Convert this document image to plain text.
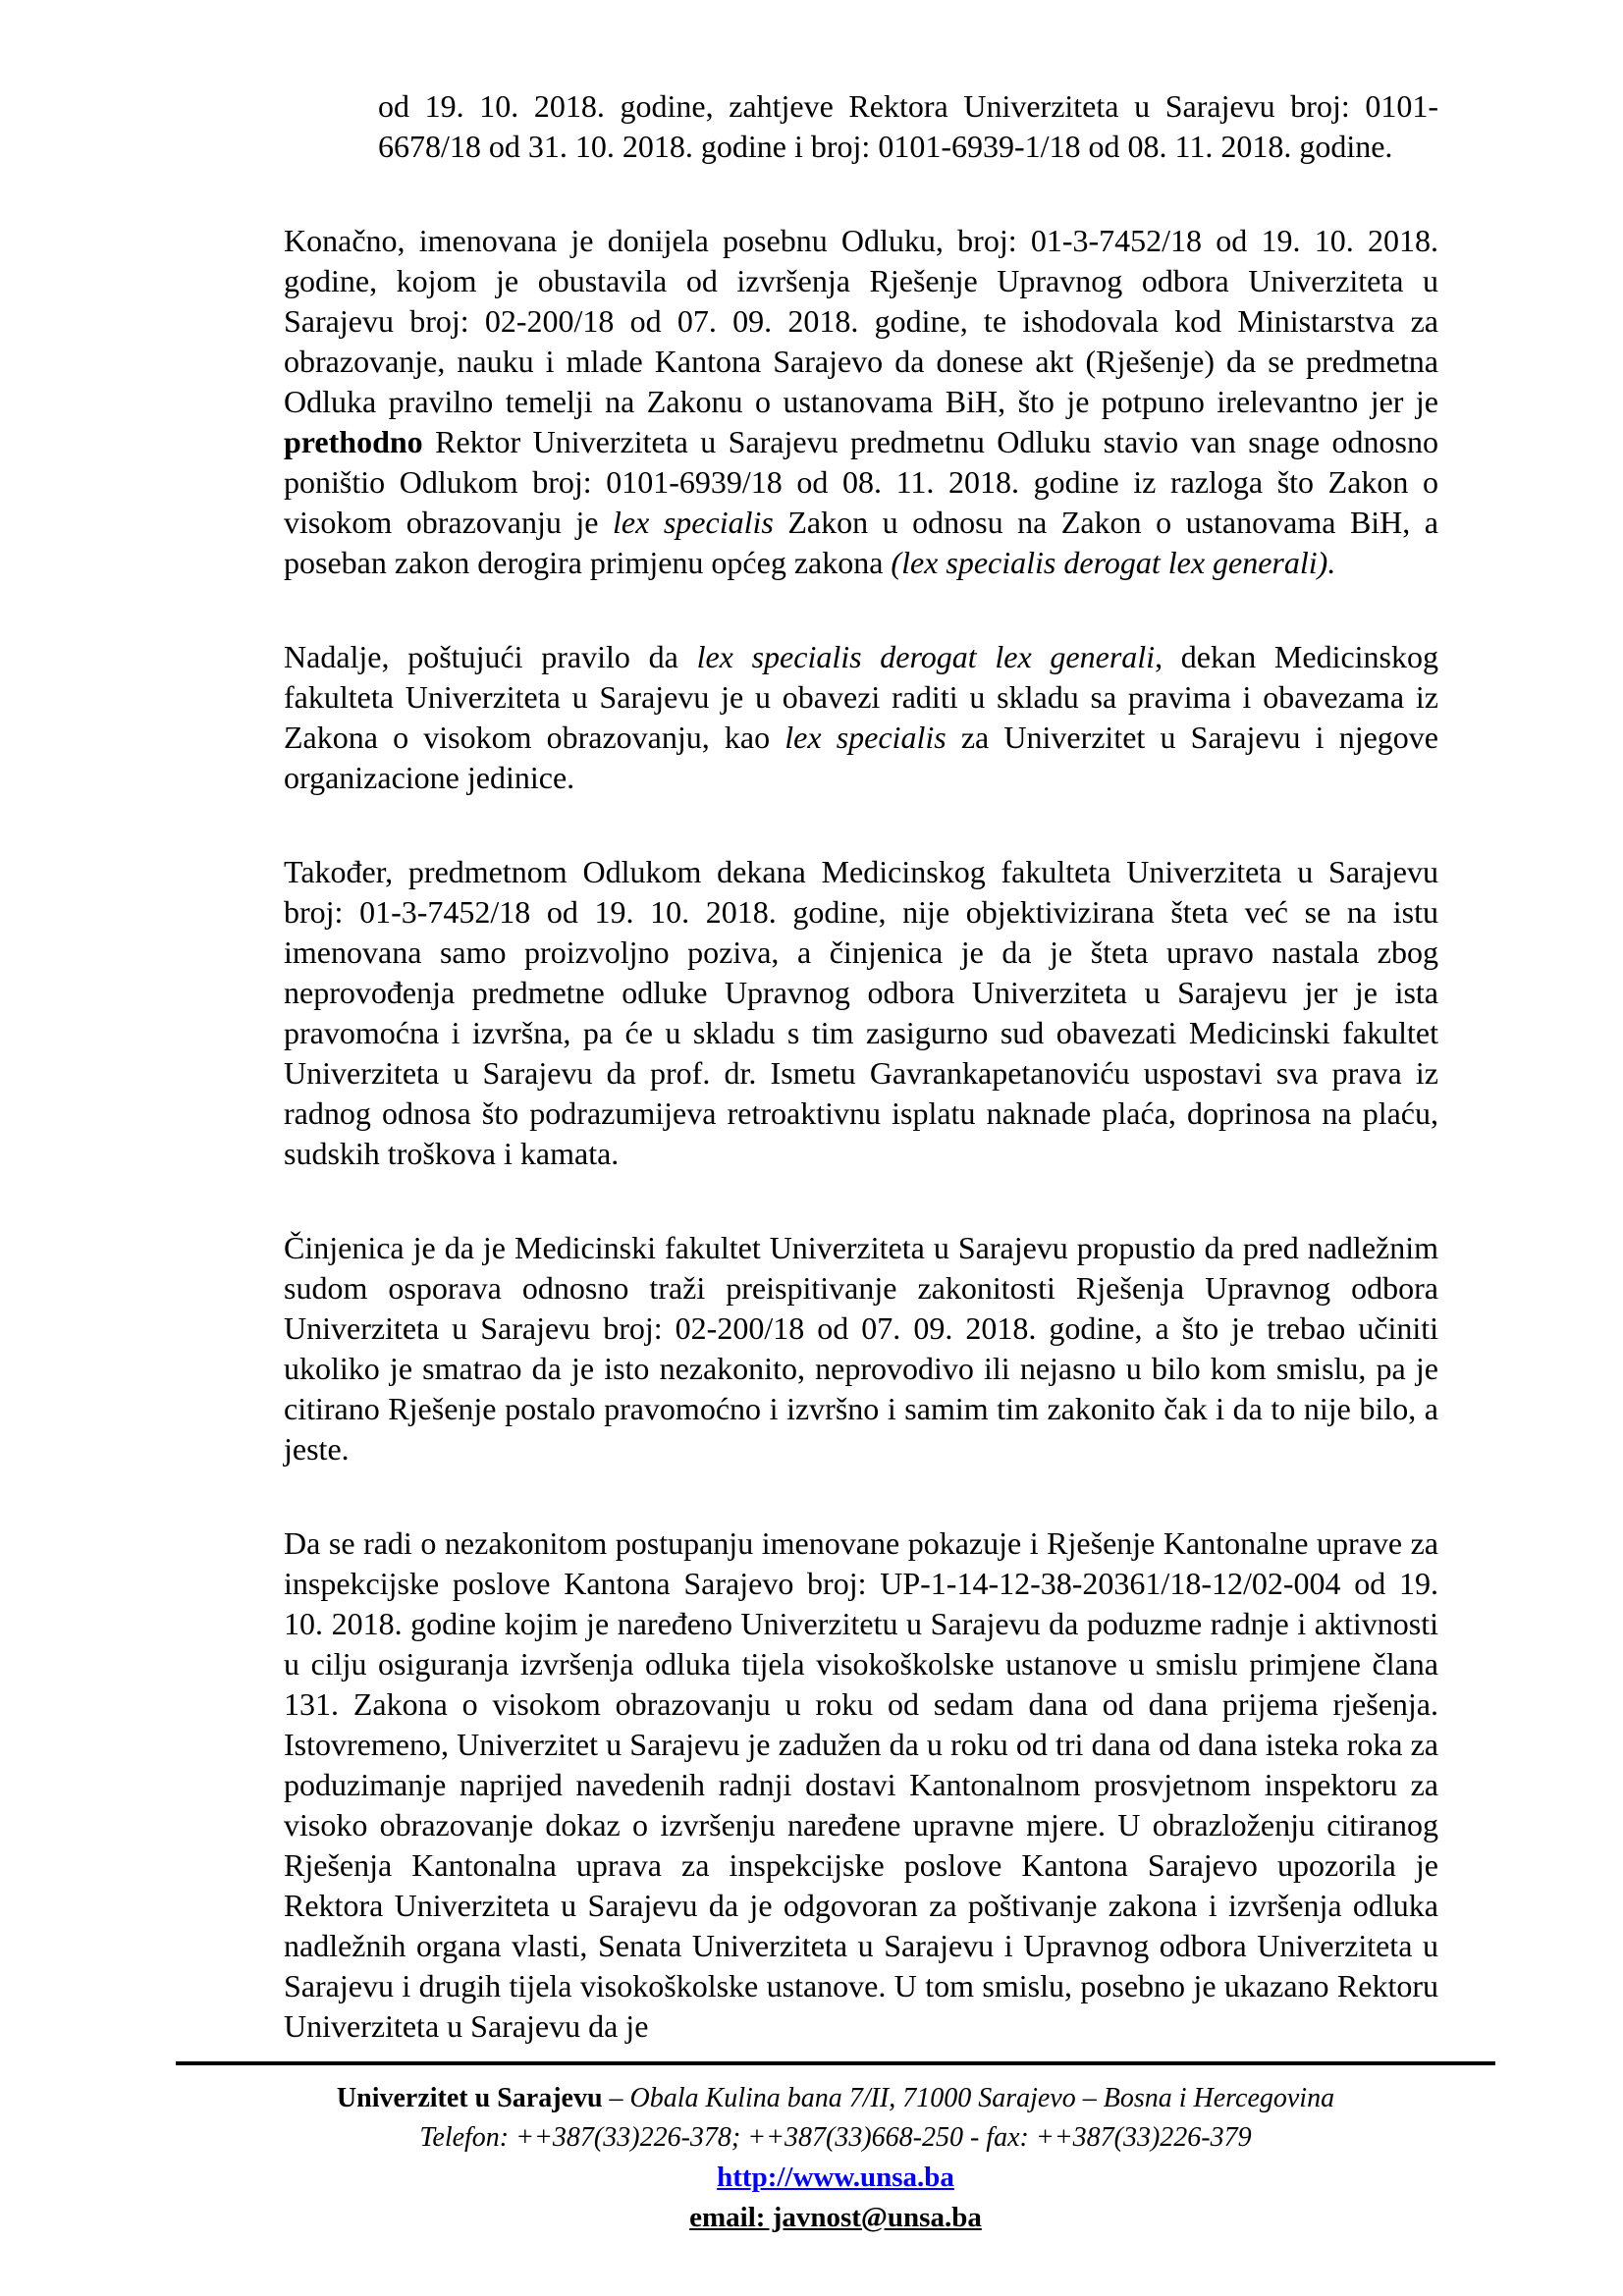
od 19. 10. 2018. godine, zahtjeve Rektora Univerziteta u Sarajevu broj: 0101-6678/18 od 31. 10. 2018. godine i broj: 0101-6939-1/18 od 08. 11. 2018. godine.

Konačno, imenovana je donijela posebnu Odluku, broj: 01-3-7452/18 od 19. 10. 2018. godine, kojom je obustavila od izvršenja Rješenje Upravnog odbora Univerziteta u Sarajevu broj: 02-200/18 od 07. 09. 2018. godine, te ishodovala kod Ministarstva za obrazovanje, nauku i mlade Kantona Sarajevo da donese akt (Rješenje) da se predmetna Odluka pravilno temelji na Zakonu o ustanovama BiH, što je potpuno irelevantno jer je prethodno Rektor Univerziteta u Sarajevu predmetnu Odluku stavio van snage odnosno poništio Odlukom broj: 0101-6939/18 od 08. 11. 2018. godine iz razloga što Zakon o visokom obrazovanju je lex specialis Zakon u odnosu na Zakon o ustanovama BiH, a poseban zakon derogira primjenu općeg zakona (lex specialis derogat lex generali).

Nadalje, poštujući pravilo da lex specialis derogat lex generali, dekan Medicinskog fakulteta Univerziteta u Sarajevu je u obavezi raditi u skladu sa pravima i obavezama iz Zakona o visokom obrazovanju, kao lex specialis za Univerzitet u Sarajevu i njegove organizacione jedinice.

Također, predmetnom Odlukom dekana Medicinskog fakulteta Univerziteta u Sarajevu broj: 01-3-7452/18 od 19. 10. 2018. godine, nije objektivizirana šteta već se na istu imenovana samo proizvoljno poziva, a činjenica je da je šteta upravo nastala zbog neprovođenja predmetne odluke Upravnog odbora Univerziteta u Sarajevu jer je ista pravomoćna i izvršna, pa će u skladu s tim zasigurno sud obavezati Medicinski fakultet Univerziteta u Sarajevu da prof. dr. Ismetu Gavrankapetanoviću uspostavi sva prava iz radnog odnosa što podrazumijeva retroaktivnu isplatu naknade plaća, doprinosa na plaću, sudskih troškova i kamata.

Činjenica je da je Medicinski fakultet Univerziteta u Sarajevu propustio da pred nadležnim sudom osporava odnosno traži preispitivanje zakonitosti Rješenja Upravnog odbora Univerziteta u Sarajevu broj: 02-200/18 od 07. 09. 2018. godine, a što je trebao učiniti ukoliko je smatrao da je isto nezakonito, neprovodivo ili nejasno u bilo kom smislu, pa je citirano Rješenje postalo pravomoćno i izvršno i samim tim zakonito čak i da to nije bilo, a jeste.

Da se radi o nezakonitom postupanju imenovane pokazuje i Rješenje Kantonalne uprave za inspekcijske poslove Kantona Sarajevo broj: UP-1-14-12-38-20361/18-12/02-004 od 19. 10. 2018. godine kojim je naređeno Univerzitetu u Sarajevu da poduzme radnje i aktivnosti u cilju osiguranja izvršenja odluka tijela visokoškolske ustanove u smislu primjene člana 131. Zakona o visokom obrazovanju u roku od sedam dana od dana prijema rješenja. Istovremeno, Univerzitet u Sarajevu je zadužen da u roku od tri dana od dana isteka roka za poduzimanje naprijed navedenih radnji dostavi Kantonalnom prosvjetnom inspektoru za visoko obrazovanje dokaz o izvršenju naređene upravne mjere. U obrazloženju citiranog Rješenja Kantonalna uprava za inspekcijske poslove Kantona Sarajevo upozorila je Rektora Univerziteta u Sarajevu da je odgovoran za poštivanje zakona i izvršenja odluka nadležnih organa vlasti, Senata Univerziteta u Sarajevu i Upravnog odbora Univerziteta u Sarajevu i drugih tijela visokoškolske ustanove. U tom smislu, posebno je ukazano Rektoru Univerziteta u Sarajevu da je

Univerzitet u Sarajevu – Obala Kulina bana 7/II, 71000 Sarajevo – Bosna i Hercegovina

Telefon: ++387(33)226-378; ++387(33)668-250 - fax: ++387(33)226-379

http://www.unsa.ba

email: javnost@unsa.ba
